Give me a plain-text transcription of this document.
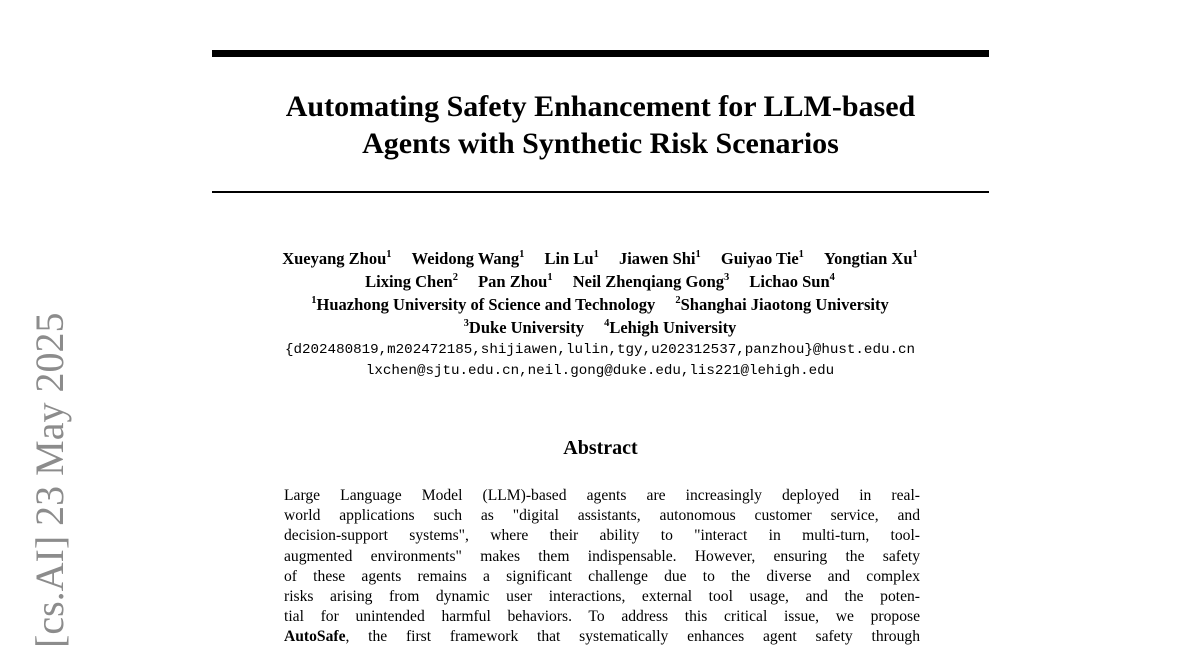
Automating Safety Enhancement for LLM-based
Agents with Synthetic Risk Scenarios
Xueyang Zhou$^1$ Weidong Wang$^1$ Lin Lu$^1$ Jiawen Shi$^1$ Guiyao Tie$^1$ Yongtian Xu$^1$
Lixing Chen$^2$ Pan Zhou$^1$ Neil Zhenqiang Gong$^3$ Lichao Sun$^4$
$^1$Huazhong University of Science and Technology $^2$Shanghai Jiaotong University
$^3$Duke University $^4$Lehigh University
{d202480819,m202472185,shijiawen,lulin,tgy,u202312537,panzhou}@hust.edu.cn
lxchen@sjtu.edu.cn,neil.gong@duke.edu,lis221@lehigh.edu
Abstract
Large Language Model (LLM)-based agents are increasingly deployed in real-
world applications such as "digital assistants, autonomous customer service, and
decision-support systems", where their ability to "interact in multi-turn, tool-
augmented environments" makes them indispensable. However, ensuring the safety
of these agents remains a significant challenge due to the diverse and complex
risks arising from dynamic user interactions, external tool usage, and the poten-
tial for unintended harmful behaviors. To address this critical issue, we propose
AutoSafe, the first framework that systematically enhances agent safety through
[cs.AI] 23 May 2025
